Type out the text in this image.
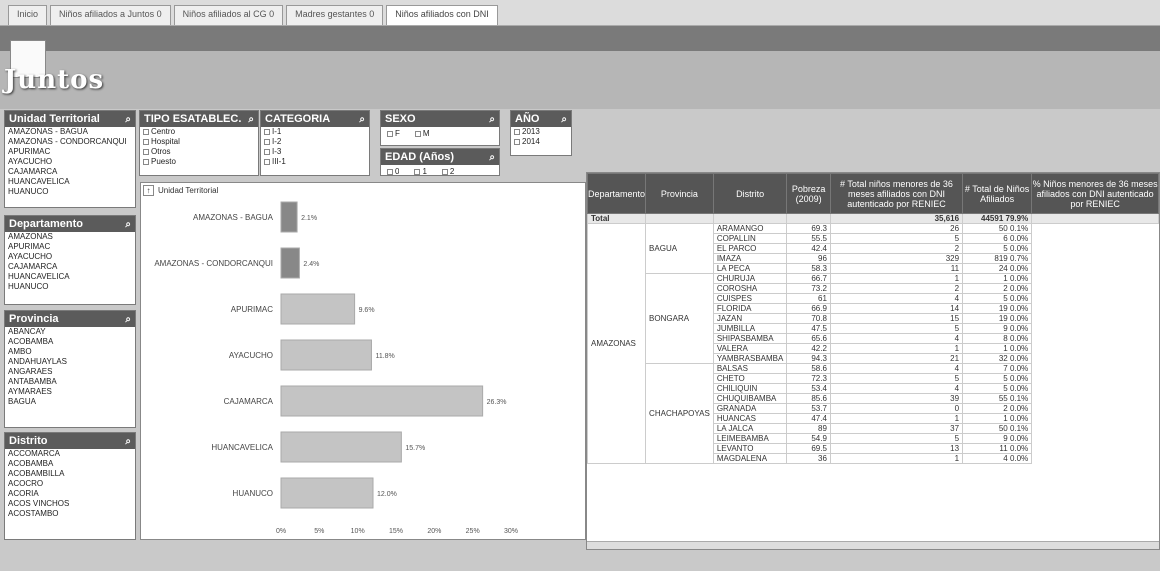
Inicio	Niños afiliados a Juntos 0	Niños afiliados al CG 0	Madres gestantes 0	Niños afiliados con DNI
Juntos
Unidad Territorial	⌕
AMAZONAS - BAGUA
AMAZONAS - CONDORCANQUI
APURIMAC
AYACUCHO
CAJAMARCA
HUANCAVELICA
HUANUCO
TIPO ESATABLEC. ⌕
Centro
Hospital
Otros
Puesto
CATEGORIA	⌕
I-1
I-2
I-3
III-1
SEXO	⌕
F	M
EDAD (Años)	⌕
0	1	2
AÑO ⌕
2013
2014
Departamento	⌕
AMAZONAS
APURIMAC
AYACUCHO
CAJAMARCA
HUANCAVELICA
HUANUCO
Provincia	⌕
ABANCAY
ACOBAMBA
AMBO
ANDAHUAYLAS
ANGARAES
ANTABAMBA
AYMARAES
BAGUA
Distrito	⌕
ACCOMARCA
ACOBAMBA
ACOBAMBILLA
ACOCRO
ACORIA
ACOS VINCHOS
ACOSTAMBO
↑ Unidad Territorial
AMAZONAS - BAGUA	2.1%
AMAZONAS - CONDORCANQUI	2.4%
APURIMAC	9.6%
AYACUCHO	11.8%
CAJAMARCA	26.3%
HUANCAVELICA	15.7%
HUANUCO	12.0%
0%	5%	10%	15%	20%	25%	30%
Departamento	Provincia	Distrito	Pobreza (2009)	# Total niños menores de 36 meses afiliados con DNI autenticado por RENIEC	# Total de Niños Afiliados	% Niños menores de 36 meses afiliados con DNI autenticado por RENIEC
Total				35,616	44591 79.9%	
AMAZONAS	BAGUA	ARAMANGO	69.3	26	50 0.1%	
		COPALLIN	55.5	5	6 0.0%	
		EL PARCO	42.4	2	5 0.0%	
		IMAZA	96	329	819 0.7%	
		LA PECA	58.3	11	24 0.0%	
	BONGARA	CHURUJA	66.7	1	1 0.0%	
		COROSHA	73.2	2	2 0.0%	
		CUISPES	61	4	5 0.0%	
		FLORIDA	66.9	14	19 0.0%	
		JAZAN	70.8	15	19 0.0%	
		JUMBILLA	47.5	5	9 0.0%	
		SHIPASBAMBA	65.6	4	8 0.0%	
		VALERA	42.2	1	1 0.0%	
		YAMBRASBAMBA	94.3	21	32 0.0%	
	CHACHAPOYAS	BALSAS	58.6	4	7 0.0%	
		CHETO	72.3	5	5 0.0%	
		CHILIQUIN	53.4	4	5 0.0%	
		CHUQUIBAMBA	85.6	39	55 0.1%	
		GRANADA	53.7	0	2 0.0%	
		HUANCAS	47.4	1	1 0.0%	
		LA JALCA	89	37	50 0.1%	
		LEIMEBAMBA	54.9	5	9 0.0%	
		LEVANTO	69.5	13	11 0.0%	
		MAGDALENA	36	1	4 0.0%	
